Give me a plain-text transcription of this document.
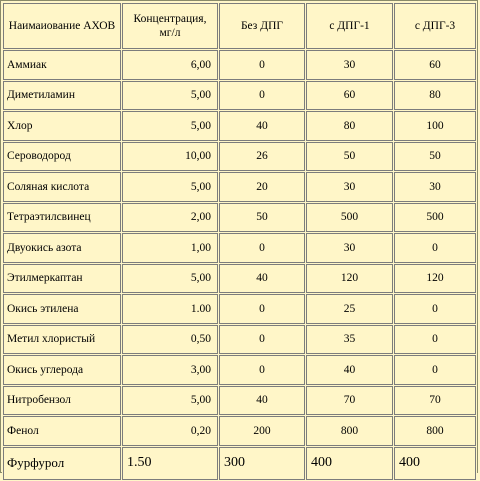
Наимаиование АХОВ	Концентрация, мг/л	Без ДПГ	с ДПГ-1	с ДПГ-3
Аммиак	6,00	0	30	60
Диметиламин	5,00	0	60	80
Хлор	5,00	40	80	100
Сероводород	10,00	26	50	50
Соляная кислота	5,00	20	30	30
Тетраэтилсвинец	2,00	50	500	500
Двуокись азота	1,00	0	30	0
Этилмеркаптан	5,00	40	120	120
Окись этилена	1.00	0	25	0
Метил хлористый	0,50	0	35	0
Окись углерода	3,00	0	40	0
Нитробензол	5,00	40	70	70
Фенол	0,20	200	800	800
Фурфурол	1.50	300	400	400
